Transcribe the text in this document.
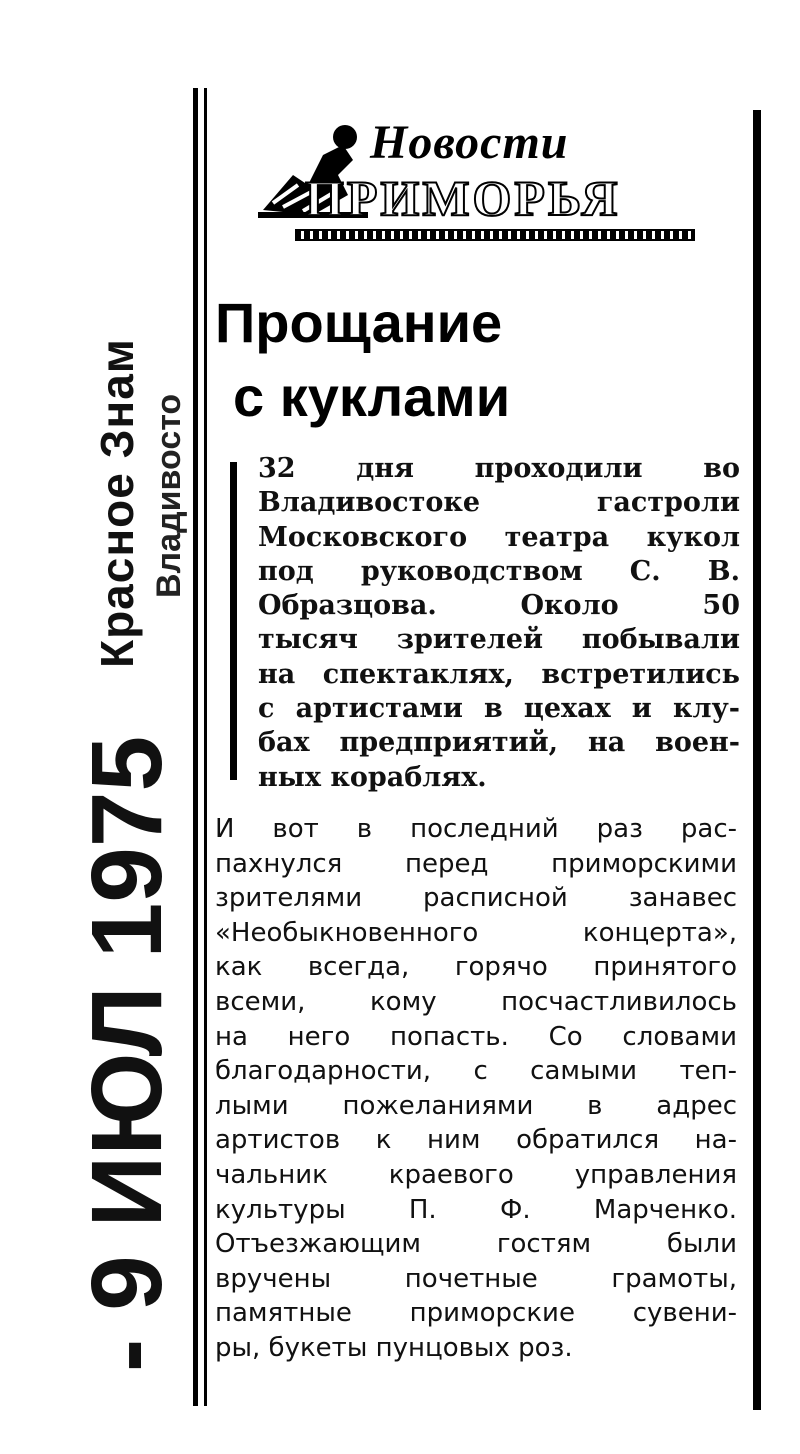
Красное Знам Владивосто
- 9 ИЮЛ 1975
Новости
ПРИМОРЬЯ
Прощание
с куклами
32 дня проходили во
Владивостоке гастроли
Московского театра кукол
под руководством С. В.
Образцова. Около 50
тысяч зрителей побывали
на спектаклях, встретились
с артистами в цехах и клу-
бах предприятий, на воен-
ных кораблях.
И вот в последний раз рас-
пахнулся перед приморскими
зрителями расписной занавес
«Необыкновенного концерта»,
как всегда, горячо принятого
всеми, кому посчастливилось
на него попасть. Со словами
благодарности, с самыми теп-
лыми пожеланиями в адрес
артистов к ним обратился на-
чальник краевого управления
культуры П. Ф. Марченко.
Отъезжающим гостям были
вручены почетные грамоты,
памятные приморские сувени-
ры, букеты пунцовых роз.
